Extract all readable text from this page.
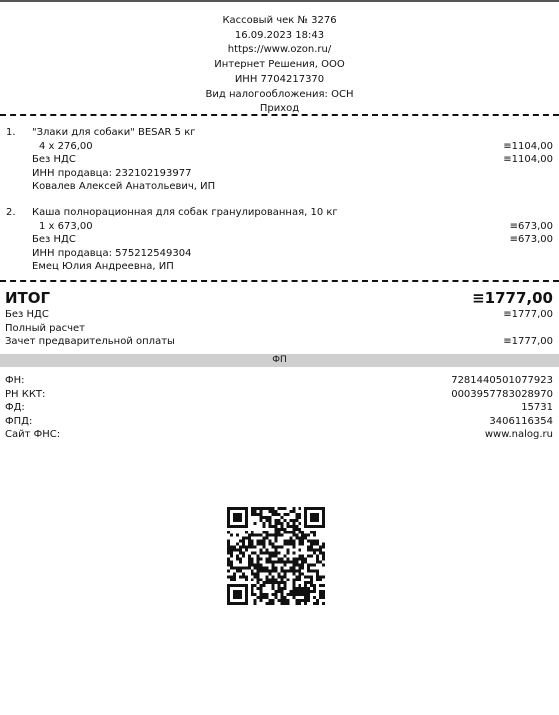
Кассовый чек № 3276
16.09.2023 18:43
https://www.ozon.ru/
Интернет Решения, ООО
ИНН 7704217370
Вид налогообложения: ОСН
Приход
1. "Злаки для собаки" BESAR 5 кг
4 x 276,00	≡1104,00
Без НДС	≡1104,00
ИНН продавца: 232102193977
Ковалев Алексей Анатольевич, ИП
2. Каша полнорационная для собак гранулированная, 10 кг
1 x 673,00	≡673,00
Без НДС	≡673,00
ИНН продавца: 575212549304
Емец Юлия Андреевна, ИП
ИТОГ	≡1777,00
Без НДС	≡1777,00
Полный расчет
Зачет предварительной оплаты	≡1777,00
ФП
ФН:	7281440501077923
РН ККТ:	0003957783028970
ФД:	15731
ФПД:	3406116354
Сайт ФНС:	www.nalog.ru
